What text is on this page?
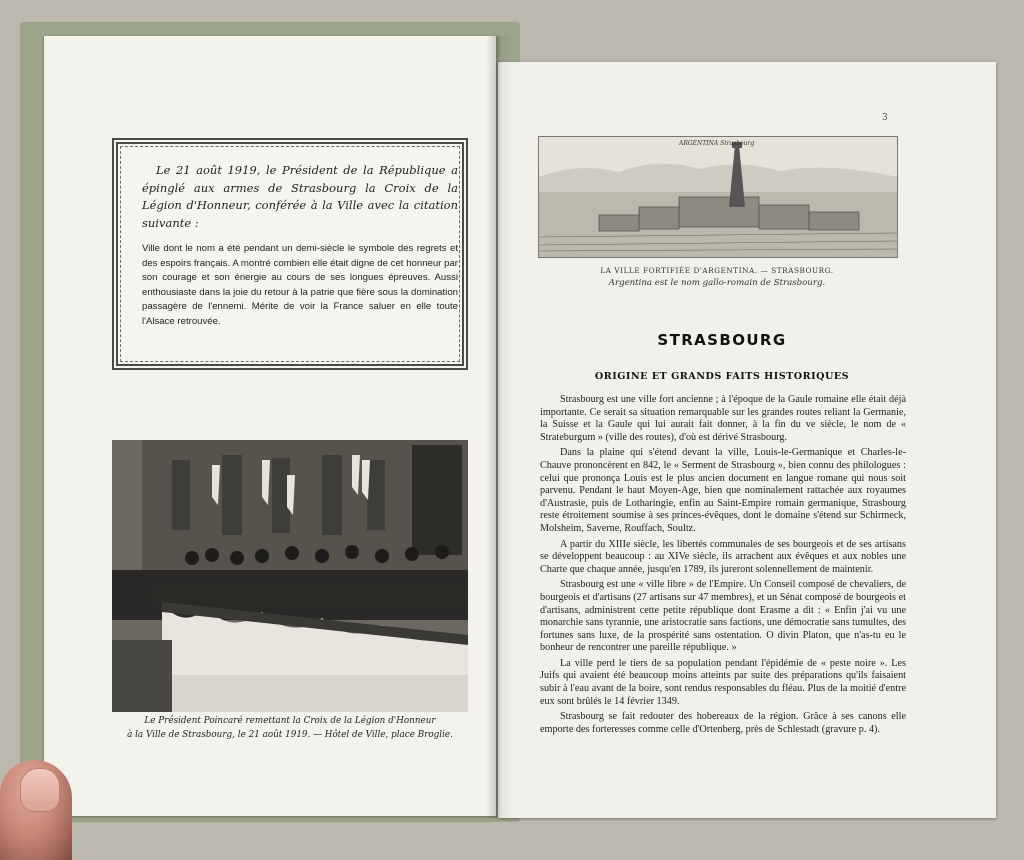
Le 21 août 1919, le Président de la République a épinglé aux armes de Strasbourg la Croix de la Légion d'Honneur, conférée à la Ville avec la citation suivante :
Ville dont le nom a été pendant un demi-siècle le symbole des regrets et des espoirs français. A montré combien elle était digne de cet honneur par son courage et son énergie au cours de ses longues épreuves. Aussi enthousiaste dans la joie du retour à la patrie que fière sous la domination passagère de l'ennemi. Mérite de voir la France saluer en elle toute l'Alsace retrouvée.
Le Président Poincaré remettant la Croix de la Légion d'Honneur
à la Ville de Strasbourg, le 21 août 1919. — Hôtel de Ville, place Broglie.
3
ARGENTINA Strasbourg
LA VILLE FORTIFIÉE D'ARGENTINA. — STRASBOURG.
Argentina est le nom gallo-romain de Strasbourg.
STRASBOURG
ORIGINE ET GRANDS FAITS HISTORIQUES

Strasbourg est une ville fort ancienne ; à l'époque de la Gaule romaine elle était déjà importante. Ce serait sa situation remarquable sur les grandes routes reliant la Germanie, la Suisse et la Gaule qui lui aurait fait donner, à la fin du ve siècle, le nom de « Strateburgum » (ville des routes), d'où est dérivé Strasbourg.

Dans la plaine qui s'étend devant la ville, Louis-le-Germanique et Charles-le-Chauve prononcèrent en 842, le « Serment de Strasbourg », bien connu des philologues : celui que prononça Louis est le plus ancien document en langue romane qui nous soit parvenu. Pendant le haut Moyen-Age, bien que nominalement rattachée aux royaumes d'Austrasie, puis de Lotharingie, enfin au Saint-Empire romain germanique, Strasbourg reste étroitement soumise à ses princes-évêques, dont le domaine s'étend sur Schirmeck, Molsheim, Saverne, Rouffach, Soultz.

A partir du XIIIe siècle, les libertés communales de ses bourgeois et de ses artisans se développent beaucoup : au XIVe siècle, ils arrachent aux évêques et aux nobles une Charte que chaque année, jusqu'en 1789, ils jureront solennellement de maintenir.

Strasbourg est une « ville libre » de l'Empire. Un Conseil composé de chevaliers, de bourgeois et d'artisans (27 artisans sur 47 membres), et un Sénat composé de bourgeois et d'artisans, administrent cette petite république dont Erasme a dit : « Enfin j'ai vu une monarchie sans tyrannie, une aristocratie sans factions, une démocratie sans tumultes, des fortunes sans luxe, de la prospérité sans ostentation. O divin Platon, que n'as-tu eu le bonheur de rencontrer une pareille république. »

La ville perd le tiers de sa population pendant l'épidémie de « peste noire ». Les Juifs qui avaient été beaucoup moins atteints par suite des préparations qu'ils faisaient subir à l'eau avant de la boire, sont rendus responsables du fléau. Plus de la moitié d'entre eux sont brûlés le 14 février 1349.

Strasbourg se fait redouter des hobereaux de la région. Grâce à ses canons elle emporte des forteresses comme celle d'Ortenberg, près de Schlestadt (gravure p. 4).
